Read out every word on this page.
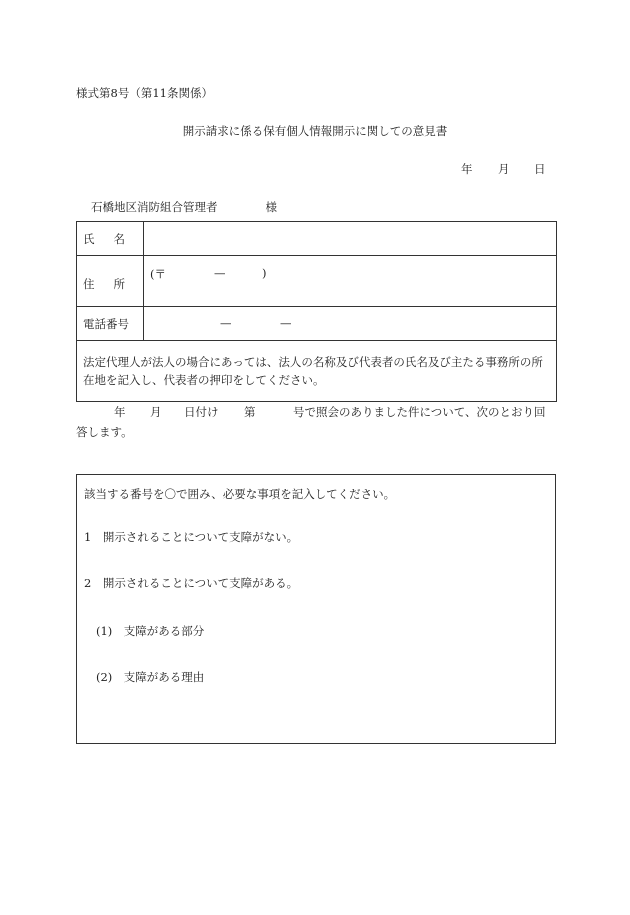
様式第8号（第11条関係）
開示請求に係る保有個人情報開示に関しての意見書
年 月 日
石橋地区消防組合管理者	様
氏 名	

住 所	(〒 — )

電話番号	— —

法定代理人が法人の場合にあっては、法人の名称及び代表者の氏名及び主たる事務所の所在地を記入し、代表者の押印をしてください。	
年 月 日付け 第	号で照会のありました件について、次のとおり回
答します。
該当する番号を〇で囲み、必要な事項を記入してください。
1　開示されることについて支障がない。
2　開示されることについて支障がある。
(1)　支障がある部分
(2)　支障がある理由
